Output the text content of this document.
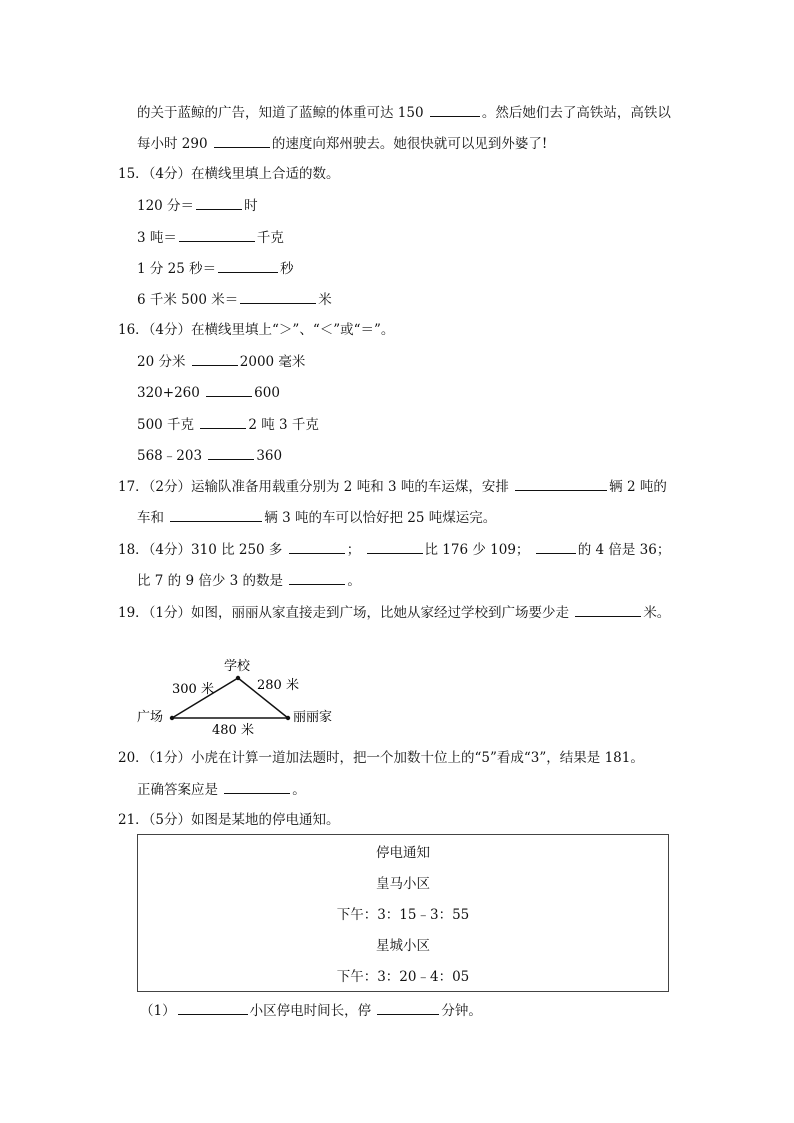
的关于蓝鲸的广告，知道了蓝鲸的体重可达 150	。然后她们去了高铁站，高铁以
每小时 290	的速度向郑州驶去。她很快就可以见到外婆了!
15．（4分）在横线里填上合适的数。
120 分＝	时
3 吨＝	千克
1 分 25 秒＝	秒
6 千米 500 米＝	米
16．（4分）在横线里填上“＞”、“＜”或“＝”。
20 分米	2000 毫米
320+260	600
500 千克	2 吨 3 千克
568﹣203	360
17．（2分）运输队准备用载重分别为 2 吨和 3 吨的车运煤，安排	辆 2 吨的
车和	辆 3 吨的车可以恰好把 25 吨煤运完。
18．（4分）310 比 250 多	；	比 176 少 109；	的 4 倍是 36；
比 7 的 9 倍少 3 的数是	。
19．（1分）如图，丽丽从家直接走到广场，比她从家经过学校到广场要少走	米。
学校
广场	丽丽家
300 米	280 米
480 米
20．（1分）小虎在计算一道加法题时，把一个加数十位上的“5”看成“3”，结果是 181。
正确答案应是	。
21．（5分）如图是某地的停电通知。
停电通知
皇马小区
下午：3：15﹣3：55
星城小区
下午：3：20﹣4：05
（1）	小区停电时间长，停	分钟。
